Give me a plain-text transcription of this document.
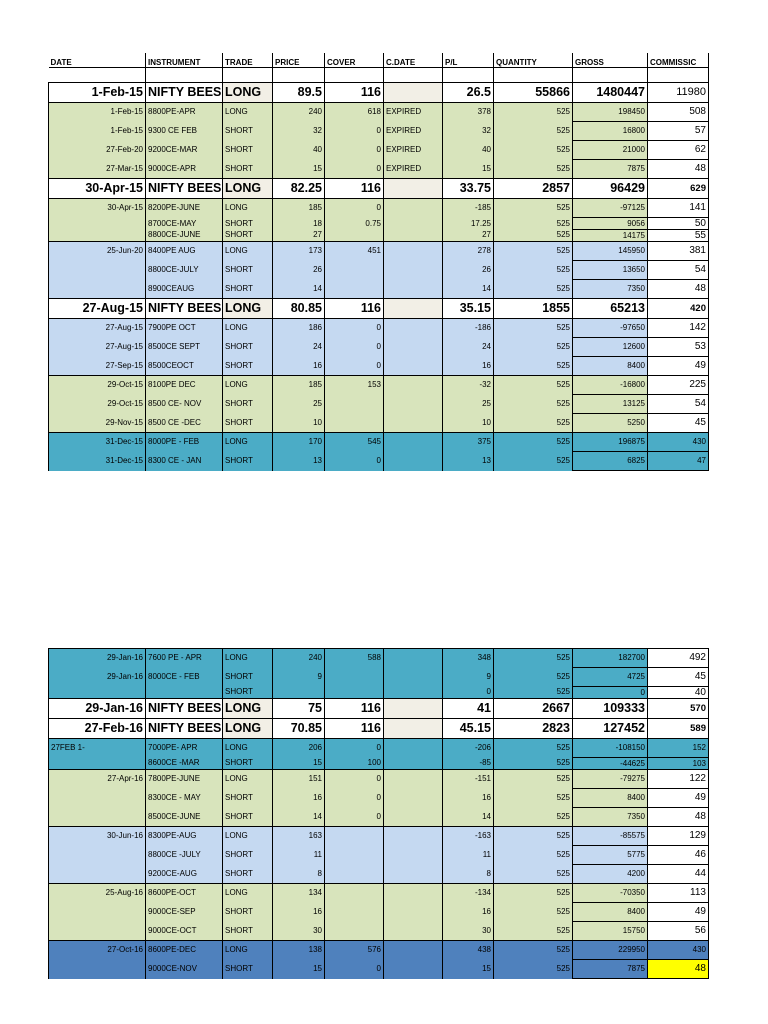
DATE	INSTRUMENT	TRADE	PRICE	COVER	C.DATE	P/L	QUANTITY	GROSS	COMMISSIC

1-Feb-15	NIFTY BEES	LONG	89.5	116		26.5	55866	1480447	11980
1-Feb-15	8800PE-APR	LONG	240	618	EXPIRED	378	525	198450	508
1-Feb-15	9300 CE FEB	SHORT	32	0	EXPIRED	32	525	16800	57
27-Feb-20	9200CE-MAR	SHORT	40	0	EXPIRED	40	525	21000	62
27-Mar-15	9000CE-APR	SHORT	15	0	EXPIRED	15	525	7875	48
30-Apr-15	NIFTY BEES	LONG	82.25	116		33.75	2857	96429	629
30-Apr-15	8200PE-JUNE	LONG	185	0		-185	525	-97125	141
	8700CE-MAY	SHORT	18	0.75		17.25	525	9056	50
	8800CE-JUNE	SHORT	27			27	525	14175	55
25-Jun-20	8400PE AUG	LONG	173	451		278	525	145950	381
	8800CE-JULY	SHORT	26			26	525	13650	54
	8900CEAUG	SHORT	14			14	525	7350	48
27-Aug-15	NIFTY BEES	LONG	80.85	116		35.15	1855	65213	420
27-Aug-15	7900PE OCT	LONG	186	0		-186	525	-97650	142
27-Aug-15	8500CE SEPT	SHORT	24	0		24	525	12600	53
27-Sep-15	8500CEOCT	SHORT	16	0		16	525	8400	49
29-Oct-15	8100PE DEC	LONG	185	153		-32	525	-16800	225
29-Oct-15	8500 CE- NOV	SHORT	25			25	525	13125	54
29-Nov-15	8500 CE -DEC	SHORT	10			10	525	5250	45
31-Dec-15	8000PE - FEB	LONG	170	545		375	525	196875	430
31-Dec-15	8300 CE - JAN	SHORT	13	0		13	525	6825	47
29-Jan-16	7600 PE - APR	LONG	240	588		348	525	182700	492
29-Jan-16	8000CE - FEB	SHORT	9			9	525	4725	45
		SHORT				0	525	0	40
29-Jan-16	NIFTY BEES	LONG	75	116		41	2667	109333	570
27-Feb-16	NIFTY BEES	LONG	70.85	116		45.15	2823	127452	589
27FEB 1-	7000PE- APR	LONG	206	0		-206	525	-108150	152
	8600CE -MAR	SHORT	15	100		-85	525	-44625	103
27-Apr-16	7800PE-JUNE	LONG	151	0		-151	525	-79275	122
	8300CE - MAY	SHORT	16	0		16	525	8400	49
	8500CE-JUNE	SHORT	14	0		14	525	7350	48
30-Jun-16	8300PE-AUG	LONG	163			-163	525	-85575	129
	8800CE -JULY	SHORT	11			11	525	5775	46
	9200CE-AUG	SHORT	8			8	525	4200	44
25-Aug-16	8600PE-OCT	LONG	134			-134	525	-70350	113
	9000CE-SEP	SHORT	16			16	525	8400	49
	9000CE-OCT	SHORT	30			30	525	15750	56
27-Oct-16	8600PE-DEC	LONG	138	576		438	525	229950	430
	9000CE-NOV	SHORT	15	0		15	525	7875	48
